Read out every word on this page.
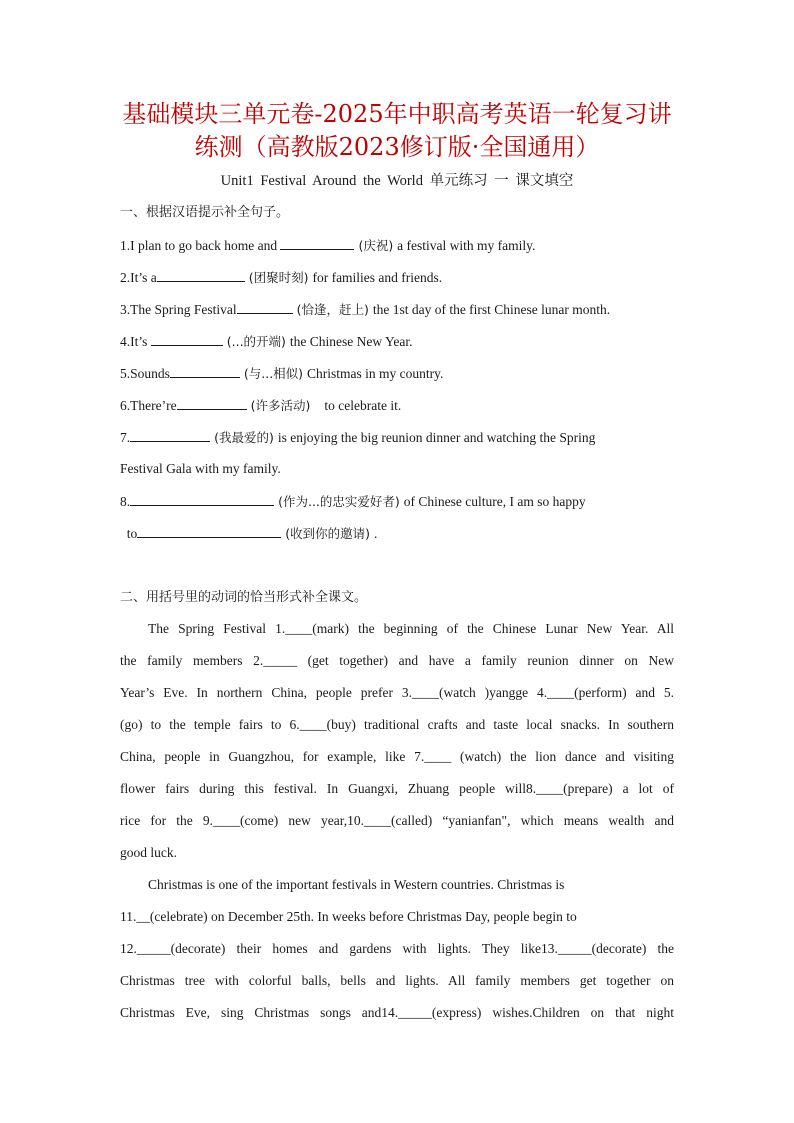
基础模块三单元卷-2025年中职高考英语一轮复习讲
练测（高教版2023修订版·全国通用）
Unit1 Festival Around the World 单元练习 一 课文填空
一、根据汉语提示补全句子。
1.I plan to go back home and	(庆祝) a festival with my family.
2.It’s a	(团聚时刻) for families and friends.
3.The Spring Festival	(恰逢，赶上) the 1st day of the first Chinese lunar month.
4.It’s	(...的开端) the Chinese New Year.
5.Sounds	(与...相似) Christmas in my country.
6.There’re	(许多活动)    to celebrate it.
7.	(我最爱的) is enjoying the big reunion dinner and watching the Spring
Festival Gala with my family.
8.	(作为...的忠实爱好者) of Chinese culture, I am so happy
to	(收到你的邀请) .
二、用括号里的动词的恰当形式补全课文。
The Spring Festival 1.____(mark) the beginning of the Chinese Lunar New Year. All
the family members 2._____ (get together) and have a family reunion dinner on New
Year’s Eve. In northern China, people prefer 3.____(watch )yangge 4.____(perform) and 5.
(go) to the temple fairs to 6.____(buy) traditional crafts and taste local snacks. In southern
China, people in Guangzhou, for example, like 7.____ (watch) the lion dance and visiting
flower fairs during this festival. In Guangxi, Zhuang people will8.____(prepare) a lot of
rice for the 9.____(come) new year,10.____(called) “yanianfan", which means wealth and
good luck.
Christmas is one of the important festivals in Western countries. Christmas is
11.__(celebrate) on December 25th. In weeks before Christmas Day, people begin to
12._____(decorate) their homes and gardens with lights. They like13._____(decorate) the
Christmas tree with colorful balls, bells and lights. All family members get together on
Christmas Eve, sing Christmas songs and14._____(express) wishes.Children on that night
